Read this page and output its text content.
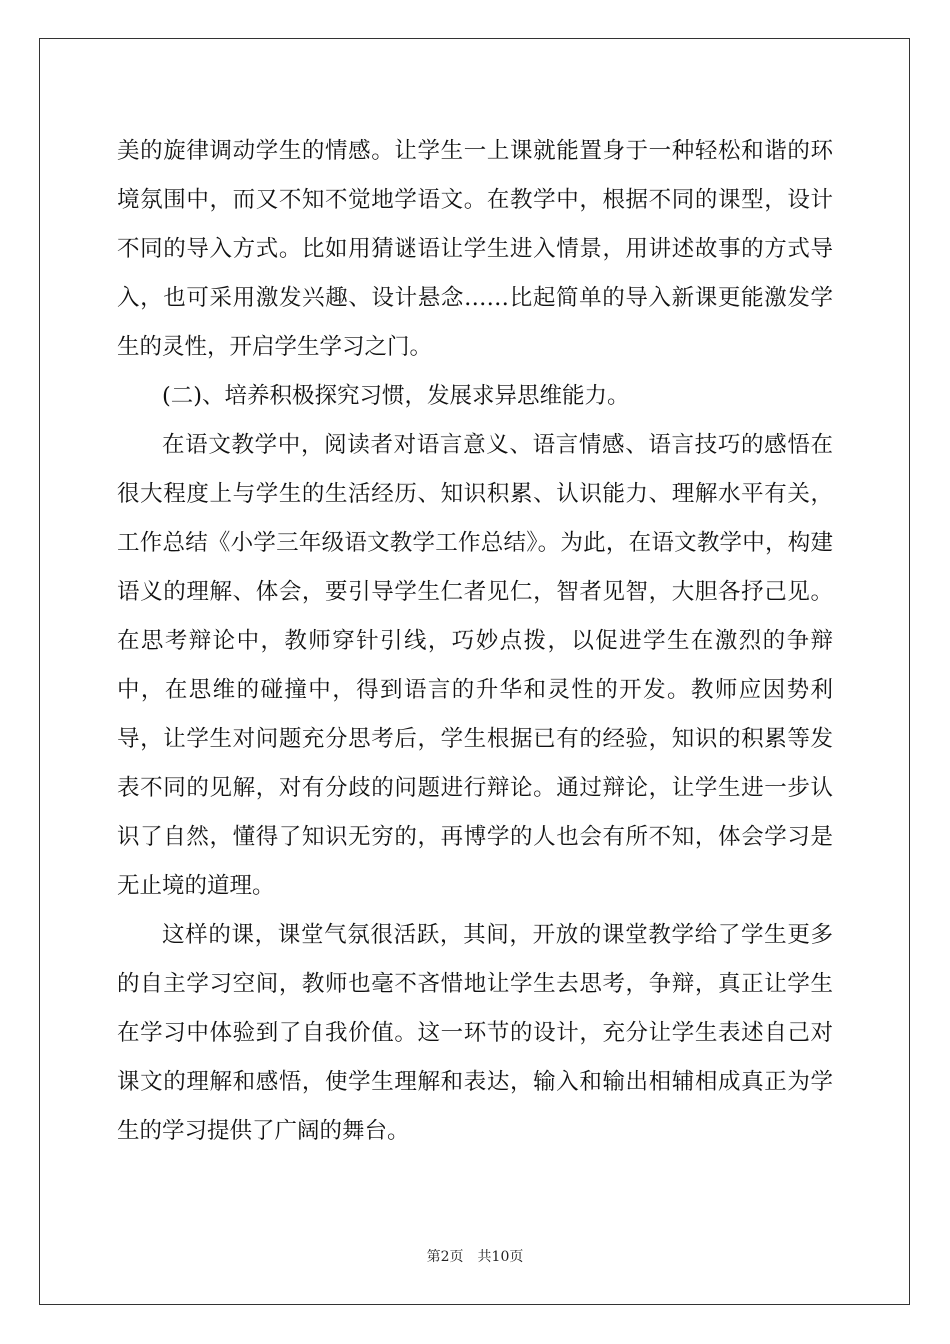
美的旋律调动学生的情感。让学生一上课就能置身于一种轻松和谐的环境氛围中，而又不知不觉地学语文。在教学中，根据不同的课型，设计不同的导入方式。比如用猜谜语让学生进入情景，用讲述故事的方式导入，也可采用激发兴趣、设计悬念……比起简单的导入新课更能激发学生的灵性，开启学生学习之门。

(二)、培养积极探究习惯，发展求异思维能力。

在语文教学中，阅读者对语言意义、语言情感、语言技巧的感悟在很大程度上与学生的生活经历、知识积累、认识能力、理解水平有关，工作总结《小学三年级语文教学工作总结》。为此，在语文教学中，构建语义的理解、体会，要引导学生仁者见仁，智者见智，大胆各抒己见。在思考辩论中，教师穿针引线，巧妙点拨，以促进学生在激烈的争辩中，在思维的碰撞中，得到语言的升华和灵性的开发。教师应因势利导，让学生对问题充分思考后，学生根据已有的经验，知识的积累等发表不同的见解，对有分歧的问题进行辩论。通过辩论，让学生进一步认识了自然，懂得了知识无穷的，再博学的人也会有所不知，体会学习是无止境的道理。

这样的课，课堂气氛很活跃，其间，开放的课堂教学给了学生更多的自主学习空间，教师也毫不吝惜地让学生去思考，争辩，真正让学生在学习中体验到了自我价值。这一环节的设计，充分让学生表述自己对课文的理解和感悟，使学生理解和表达，输入和输出相辅相成真正为学生的学习提供了广阔的舞台。

第2页 共10页
